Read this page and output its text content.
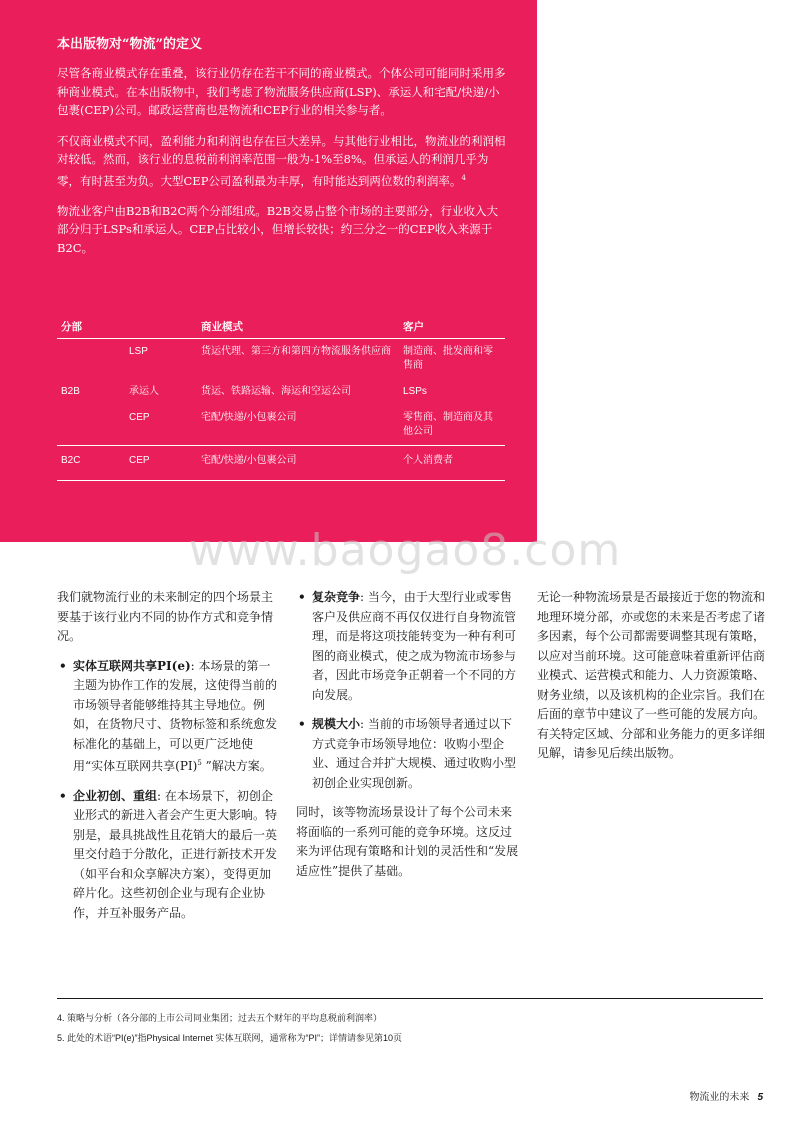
本出版物对“物流”的定义

尽管各商业模式存在重叠，该行业仍存在若干不同的商业模式。个体公司可能同时采用多种商业模式。在本出版物中，我们考虑了物流服务供应商(LSP)、承运人和宅配/快递/小包裹(CEP)公司。邮政运营商也是物流和CEP行业的相关参与者。

不仅商业模式不同，盈利能力和利润也存在巨大差异。与其他行业相比，物流业的利润相对较低。然而，该行业的息税前利润率范围一般为-1%至8%。但承运人的利润几乎为零，有时甚至为负。大型CEP公司盈利最为丰厚，有时能达到两位数的利润率。$^4$

物流业客户由B2B和B2C两个分部组成。B2B交易占整个市场的主要部分，行业收入大部分归于LSPs和承运人。CEP占比较小，但增长较快；约三分之一的CEP收入来源于B2C。

分部		商业模式	客户
	LSP	货运代理、第三方和第四方物流服务供应商	制造商、批发商和零售商
B2B	承运人	货运、铁路运输、海运和空运公司	LSPs
	CEP	宅配/快递/小包裹公司	零售商、制造商及其他公司
B2C	CEP	宅配/快递/小包裹公司	个人消费者
www.baogao8.com

我们就物流行业的未来制定的四个场景主要基于该行业内不同的协作方式和竞争情况。

• 实体互联网共享PI(e): 本场景的第一主题为协作工作的发展，这使得当前的市场领导者能够维持其主导地位。例如，在货物尺寸、货物标签和系统愈发标准化的基础上，可以更广泛地使用“实体互联网共享(PI)$^5$ ”解决方案。
• 企业初创、重组: 在本场景下，初创企业形式的新进入者会产生更大影响。特别是，最具挑战性且花销大的最后一英里交付趋于分散化，正进行新技术开发（如平台和众享解决方案），变得更加碎片化。这些初创企业与现有企业协作，并互补服务产品。
• 复杂竞争: 当今，由于大型行业或零售客户及供应商不再仅仅进行自身物流管理，而是将这项技能转变为一种有利可图的商业模式，使之成为物流市场参与者，因此市场竞争正朝着一个不同的方向发展。
• 规模大小: 当前的市场领导者通过以下方式竞争市场领导地位：收购小型企业、通过合并扩大规模、通过收购小型初创企业实现创新。

同时，该等物流场景设计了每个公司未来将面临的一系列可能的竞争环境。这反过来为评估现有策略和计划的灵活性和“发展适应性”提供了基础。

无论一种物流场景是否最接近于您的物流和地理环境分部，亦或您的未来是否考虑了诸多因素，每个公司都需要调整其现有策略，以应对当前环境。这可能意味着重新评估商业模式、运营模式和能力、人力资源策略、财务业绩，以及该机构的企业宗旨。我们在后面的章节中建议了一些可能的发展方向。有关特定区域、分部和业务能力的更多详细见解，请参见后续出版物。

4. 策略与分析（各分部的上市公司同业集团；过去五个财年的平均息税前利润率）
5. 此处的术语“PI(e)”指Physical Internet 实体互联网，通常称为“PI”；详情请参见第10页
物流业的未来 5
